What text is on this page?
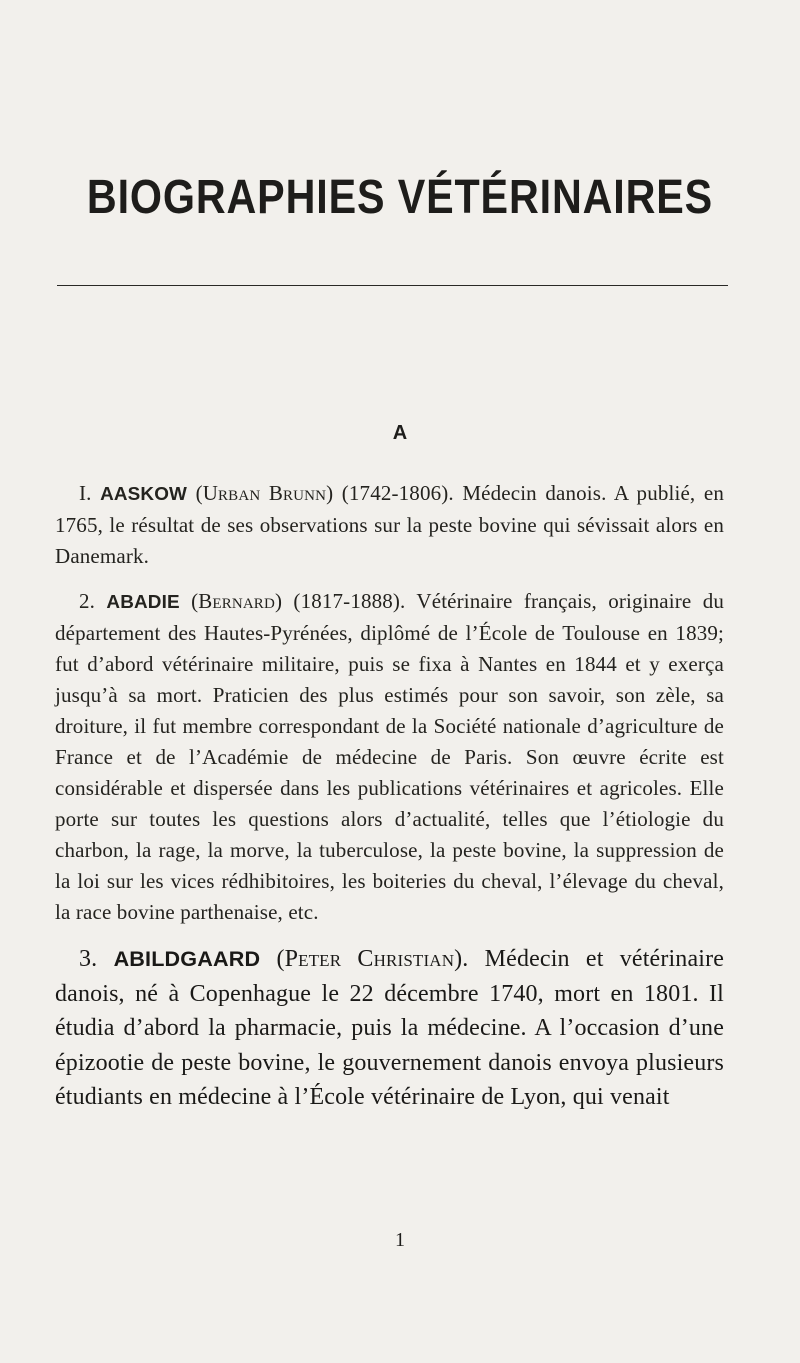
BIOGRAPHIES VÉTÉRINAIRES
A

I. AASKOW (Urban Brunn) (1742-1806). Médecin danois. A publié, en 1765, le résultat de ses observations sur la peste bovine qui sévissait alors en Danemark.

2. ABADIE (Bernard) (1817-1888). Vétérinaire français, originaire du département des Hautes-Pyrénées, diplômé de l’École de Toulouse en 1839; fut d’abord vétérinaire militaire, puis se fixa à Nantes en 1844 et y exerça jusqu’à sa mort. Praticien des plus estimés pour son savoir, son zèle, sa droiture, il fut membre correspondant de la Société nationale d’agriculture de France et de l’Académie de médecine de Paris. Son œuvre écrite est considérable et dispersée dans les publications vétérinaires et agricoles. Elle porte sur toutes les questions alors d’actualité, telles que l’étiologie du charbon, la rage, la morve, la tuberculose, la peste bovine, la suppression de la loi sur les vices rédhibitoires, les boiteries du cheval, l’élevage du cheval, la race bovine parthenaise, etc.

3. ABILDGAARD (Peter Christian). Médecin et vétérinaire danois, né à Copenhague le 22 décembre 1740, mort en 1801. Il étudia d’abord la pharmacie, puis la médecine. A l’occasion d’une épizootie de peste bovine, le gouvernement danois envoya plusieurs étudiants en médecine à l’École vétérinaire de Lyon, qui venait

1
